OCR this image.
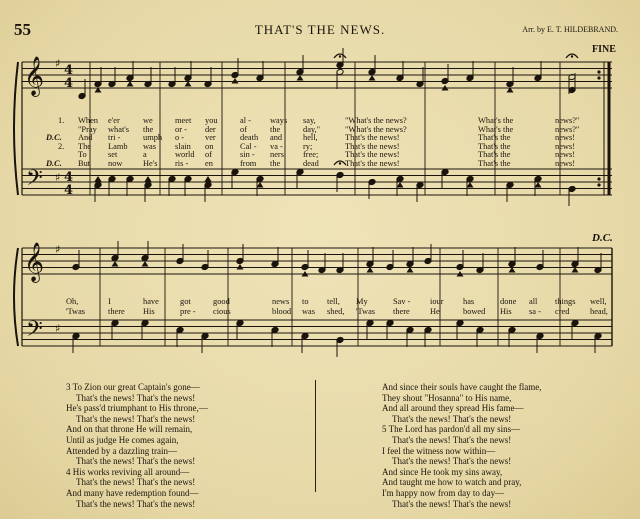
55	THAT'S THE NEWS.	Arr. by E. T. HILDEBRAND.
FINE
D.C.
𝄞
𝄢
𝄞
𝄢
4
4
4
4
♯
♯
♯
♯
1. When e'er	we	meet you	al - ways say,	"What's the news?	What's the	news?"
"Pray what's the	or - der	of	the	day,"	"What's the news?	What's the	news?"
D.C. And tri -	umph o - ver	death and hell,	That's the news!	That's the	news!
2. The Lamb was slain on	Cal - va - ry;	That's the news!	That's the	news!
To	set	a	world of	sin - ners free;	That's the news!	That's the	news!
D.C. But now He's ris - en	from the	dead	That's the news!	That's the	news!
Oh,	I	have	got	good	news to tell, My	Sav - iour has	done all things well,
'Twas	there His	pre - cious	blood was shed, 'Twas there He	bowed His sa - cred head,
3 To Zion our great Captain's gone—
That's the news! That's the news!
He's pass'd triumphant to His throne,—
That's the news! That's the news!
And on that throne He will remain,
Until as judge He comes again,
Attended by a dazzling train—
That's the news! That's the news!
4 His works reviving all around—
That's the news! That's the news!
And many have redemption found—
That's the news! That's the news!
And since their souls have caught the flame,
They shout "Hosanna" to His name,
And all around they spread His fame—
That's the news! That's the news!
5 The Lord has pardon'd all my sins—
That's the news! That's the news!
I feel the witness now within—
That's the news! That's the news!
And since He took my sins away,
And taught me how to watch and pray,
I'm happy now from day to day—
That's the news! That's the news!
